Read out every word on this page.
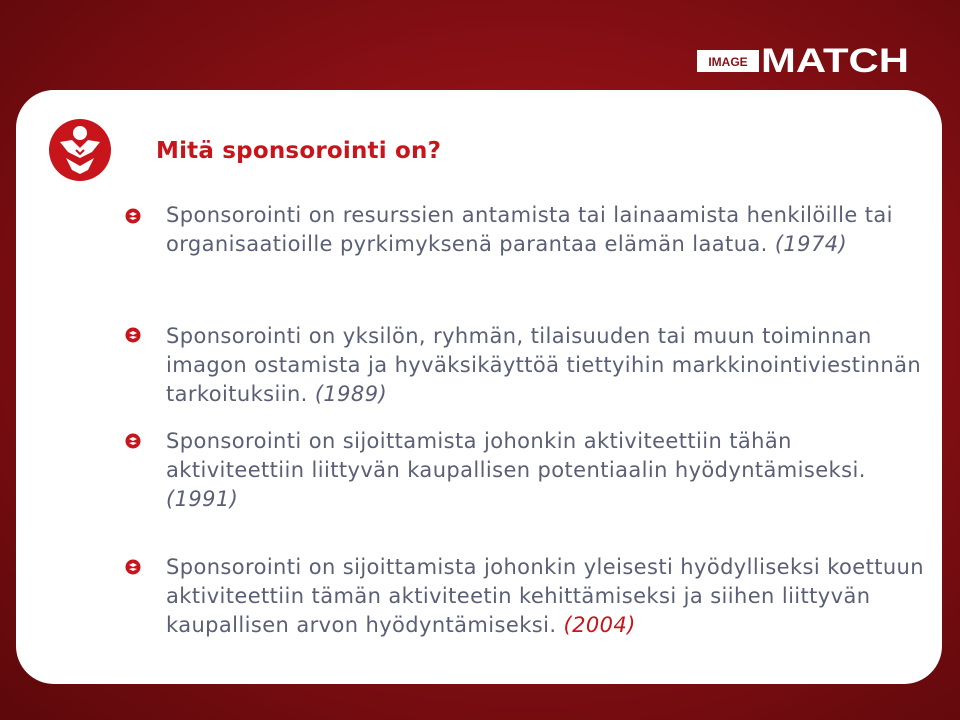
IMAGE MATCH
Mitä sponsorointi on?

Sponsorointi on resurssien antamista tai lainaamista henkilöille tai organisaatioille pyrkimyksenä parantaa elämän laatua. (1974)

Sponsorointi on yksilön, ryhmän, tilaisuuden tai muun toiminnan imagon ostamista ja hyväksikäyttöä tiettyihin markkinointiviestinnän tarkoituksiin. (1989)

Sponsorointi on sijoittamista johonkin aktiviteettiin tähän aktiviteettiin liittyvän kaupallisen potentiaalin hyödyntämiseksi. (1991)

Sponsorointi on sijoittamista johonkin yleisesti hyödylliseksi koettuun aktiviteettiin tämän aktiviteetin kehittämiseksi ja siihen liittyvän kaupallisen arvon hyödyntämiseksi. (2004)
